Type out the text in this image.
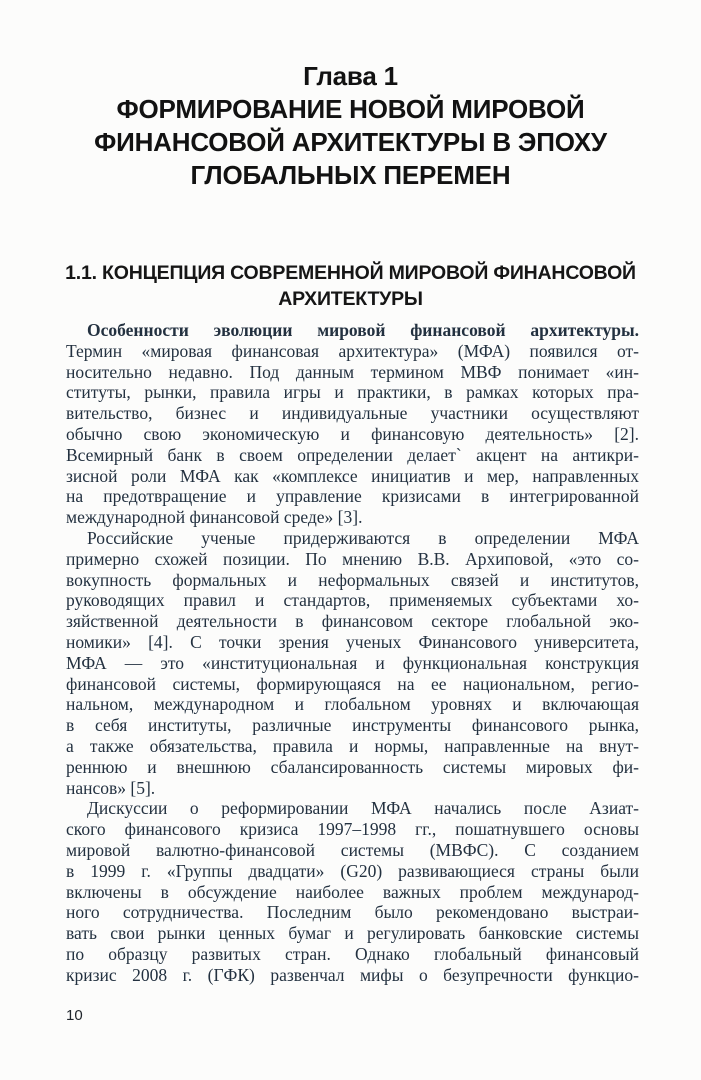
Глава 1
ФОРМИРОВАНИЕ НОВОЙ МИРОВОЙ
ФИНАНСОВОЙ АРХИТЕКТУРЫ В ЭПОХУ
ГЛОБАЛЬНЫХ ПЕРЕМЕН
1.1. КОНЦЕПЦИЯ СОВРЕМЕННОЙ МИРОВОЙ ФИНАНСОВОЙ
АРХИТЕКТУРЫ
Особенности эволюции мировой финансовой архитектуры.
Термин «мировая финансовая архитектура» (МФА) появился от-
носительно недавно. Под данным термином МВФ понимает «ин-
ституты, рынки, правила игры и практики, в рамках которых пра-
вительство, бизнес и индивидуальные участники осуществляют
обычно свою экономическую и финансовую деятельность» [2].
Всемирный банк в своем определении делает` акцент на антикри-
зисной роли МФА как «комплексе инициатив и мер, направленных
на предотвращение и управление кризисами в интегрированной
международной финансовой среде» [3].
Российские ученые придерживаются в определении МФА
примерно схожей позиции. По мнению В.В. Архиповой, «это со-
вокупность формальных и неформальных связей и институтов,
руководящих правил и стандартов, применяемых субъектами хо-
зяйственной деятельности в финансовом секторе глобальной эко-
номики» [4]. С точки зрения ученых Финансового университета,
МФА — это «институциональная и функциональная конструкция
финансовой системы, формирующаяся на ее национальном, регио-
нальном, международном и глобальном уровнях и включающая
в себя институты, различные инструменты финансового рынка,
а также обязательства, правила и нормы, направленные на внут-
реннюю и внешнюю сбалансированность системы мировых фи-
нансов» [5].
Дискуссии о реформировании МФА начались после Азиат-
ского финансового кризиса 1997–1998 гг., пошатнувшего основы
мировой валютно-финансовой системы (МВФС). С созданием
в 1999 г. «Группы двадцати» (G20) развивающиеся страны были
включены в обсуждение наиболее важных проблем международ-
ного сотрудничества. Последним было рекомендовано выстраи-
вать свои рынки ценных бумаг и регулировать банковские системы
по образцу развитых стран. Однако глобальный финансовый
кризис 2008 г. (ГФК) развенчал мифы о безупречности функцио-
10
